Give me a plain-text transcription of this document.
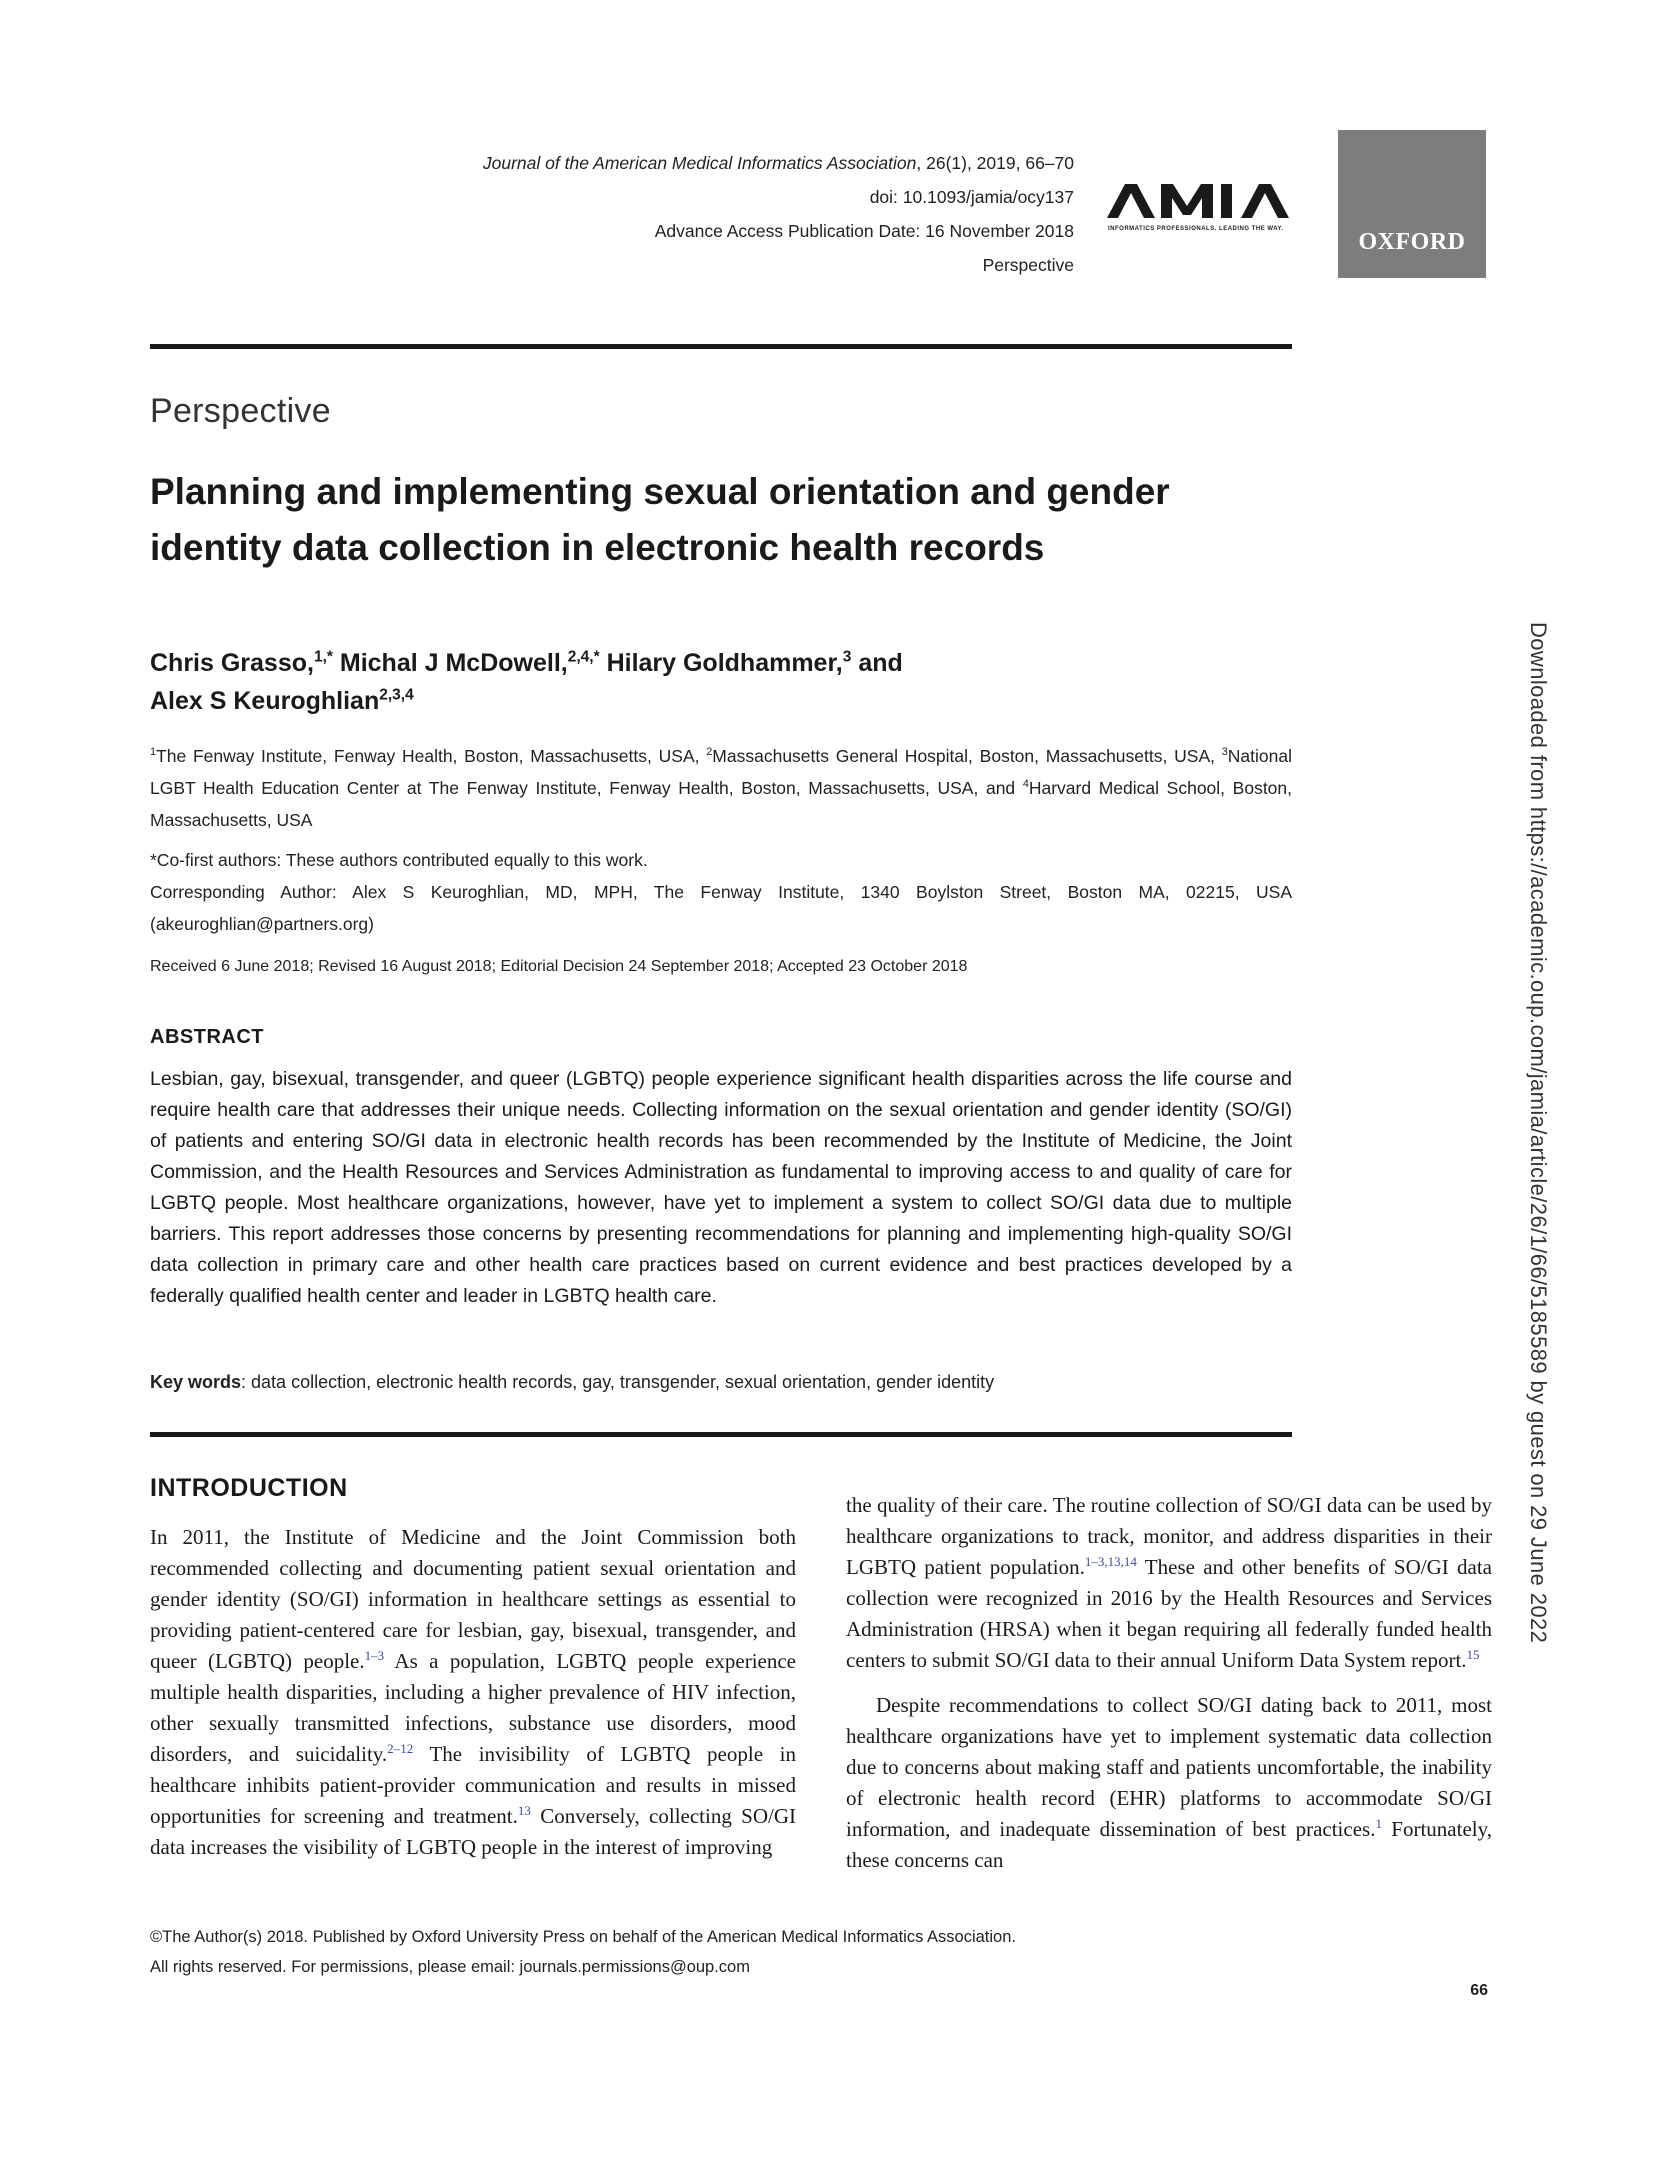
Journal of the American Medical Informatics Association, 26(1), 2019, 66–70
doi: 10.1093/jamia/ocy137
Advance Access Publication Date: 16 November 2018
Perspective
INFORMATICS PROFESSIONALS. LEADING THE WAY.	OXFORD
Perspective
Planning and implementing sexual orientation and gender identity data collection in electronic health records
Chris Grasso,$^{1,*}$ Michal J McDowell,$^{2,4,*}$ Hilary Goldhammer,$^3$ and
Alex S Keuroghlian$^{2,3,4}$
$^1$The Fenway Institute, Fenway Health, Boston, Massachusetts, USA, $^2$Massachusetts General Hospital, Boston, Massachusetts, USA, $^3$National LGBT Health Education Center at The Fenway Institute, Fenway Health, Boston, Massachusetts, USA, and $^4$Harvard Medical School, Boston, Massachusetts, USA
*Co-first authors: These authors contributed equally to this work.
Corresponding Author: Alex S Keuroghlian, MD, MPH, The Fenway Institute, 1340 Boylston Street, Boston MA, 02215, USA (akeuroghlian@partners.org)
Received 6 June 2018; Revised 16 August 2018; Editorial Decision 24 September 2018; Accepted 23 October 2018
ABSTRACT
Lesbian, gay, bisexual, transgender, and queer (LGBTQ) people experience significant health disparities across the life course and require health care that addresses their unique needs. Collecting information on the sexual orientation and gender identity (SO/GI) of patients and entering SO/GI data in electronic health records has been recommended by the Institute of Medicine, the Joint Commission, and the Health Resources and Services Administration as fundamental to improving access to and quality of care for LGBTQ people. Most healthcare organizations, however, have yet to implement a system to collect SO/GI data due to multiple barriers. This report addresses those concerns by presenting recommendations for planning and implementing high-quality SO/GI data collection in primary care and other health care practices based on current evidence and best practices developed by a federally qualified health center and leader in LGBTQ health care.
Key words: data collection, electronic health records, gay, transgender, sexual orientation, gender identity
INTRODUCTION

In 2011, the Institute of Medicine and the Joint Commission both recommended collecting and documenting patient sexual orientation and gender identity (SO/GI) information in healthcare settings as essential to providing patient-centered care for lesbian, gay, bisexual, transgender, and queer (LGBTQ) people.$^{1-3}$ As a population, LGBTQ people experience multiple health disparities, including a higher prevalence of HIV infection, other sexually transmitted infections, substance use disorders, mood disorders, and suicidality.$^{2-12}$ The invisibility of LGBTQ people in healthcare inhibits patient-provider communication and results in missed opportunities for screening and treatment.$^{13}$ Conversely, collecting SO/GI data increases the visibility of LGBTQ people in the interest of improving

the quality of their care. The routine collection of SO/GI data can be used by healthcare organizations to track, monitor, and address disparities in their LGBTQ patient population.$^{1-3,13,14}$ These and other benefits of SO/GI data collection were recognized in 2016 by the Health Resources and Services Administration (HRSA) when it began requiring all federally funded health centers to submit SO/GI data to their annual Uniform Data System report.$^{15}$

Despite recommendations to collect SO/GI dating back to 2011, most healthcare organizations have yet to implement systematic data collection due to concerns about making staff and patients uncomfortable, the inability of electronic health record (EHR) platforms to accommodate SO/GI information, and inadequate dissemination of best practices.$^1$ Fortunately, these concerns can

©The Author(s) 2018. Published by Oxford University Press on behalf of the American Medical Informatics Association.
All rights reserved. For permissions, please email: journals.permissions@oup.com
66
Downloaded from https://academic.oup.com/jamia/article/26/1/66/5185589 by guest on 29 June 2022
